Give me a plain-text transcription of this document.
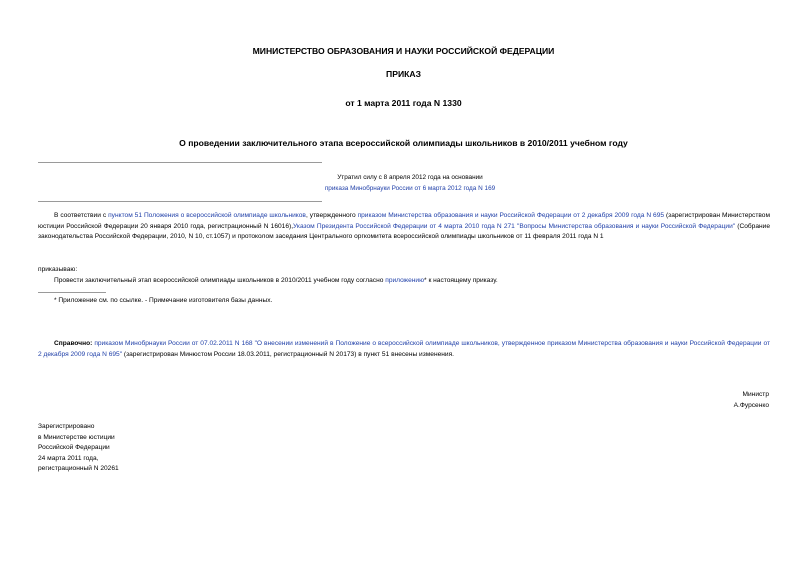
МИНИСТЕРСТВО ОБРАЗОВАНИЯ И НАУКИ РОССИЙСКОЙ ФЕДЕРАЦИИ
ПРИКАЗ
от 1 марта 2011 года N 1330
О проведении заключительного этапа всероссийской олимпиады школьников в 2010/2011 учебном году
Утратил силу с 8 апреля 2012 года на основании
приказа Минобрнауки России от 6 марта 2012 года N 169

В соответствии с пунктом 51 Положения о всероссийской олимпиаде школьников, утвержденного приказом Министерства образования и науки Российской Федерации от 2 декабря 2009 года N 695 (зарегистрирован Министерством юстиции Российской Федерации 20 января 2010 года, регистрационный N 16016),Указом Президента Российской Федерации от 4 марта 2010 года N 271 "Вопросы Министерства образования и науки Российской Федерации" (Собрание законодательства Российской Федерации, 2010, N 10, ст.1057) и протоколом заседания Центрального оргкомитета всероссийской олимпиады школьников от 11 февраля 2011 года N 1

приказываю:

Провести заключительный этап всероссийской олимпиады школьников в 2010/2011 учебном году согласно приложению* к настоящему приказу.

* Приложение см. по ссылке. - Примечание изготовителя базы данных.

Справочно: приказом Минобрнауки России от 07.02.2011 N 168 "О внесении изменений в Положение о всероссийской олимпиаде школьников, утвержденное приказом Министерства образования и науки Российской Федерации от 2 декабря 2009 года N 695" (зарегистрирован Минюстом России 18.03.2011, регистрационный N 20173) в пункт 51 внесены изменения.

Министр
А.Фурсенко
Зарегистрировано
в Министерстве юстиции
Российской Федерации
24 марта 2011 года,
регистрационный N 20261
